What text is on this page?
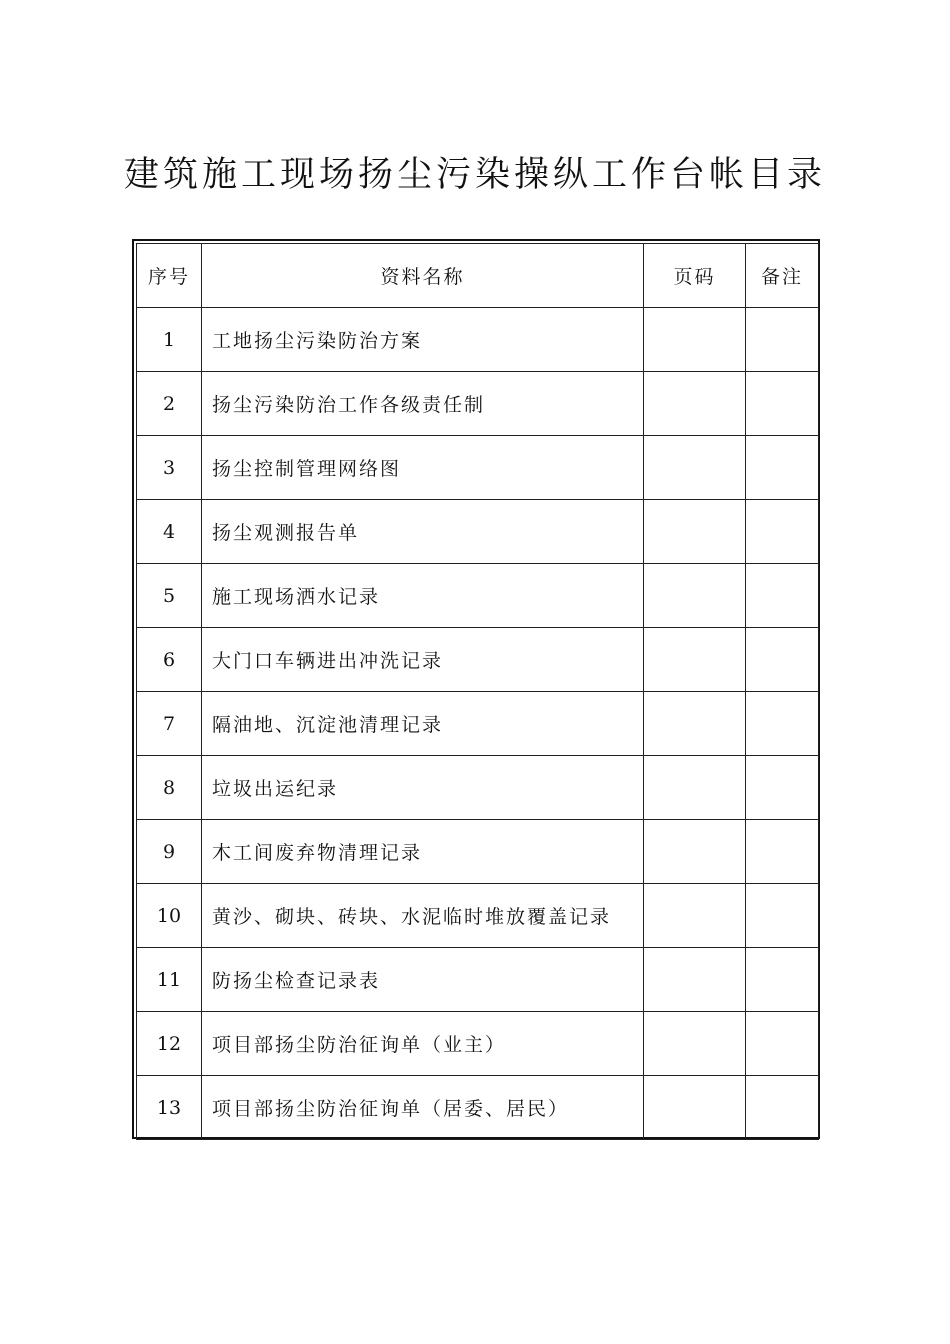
建筑施工现场扬尘污染操纵工作台帐目录
序号	资料名称	页码	备注
1	工地扬尘污染防治方案		
2	扬尘污染防治工作各级责任制		
3	扬尘控制管理网络图		
4	扬尘观测报告单		
5	施工现场洒水记录		
6	大门口车辆进出冲洗记录		
7	隔油地、沉淀池清理记录		
8	垃圾出运纪录		
9	木工间废弃物清理记录		
10	黄沙、砌块、砖块、水泥临时堆放覆盖记录		
11	防扬尘检查记录表		
12	项目部扬尘防治征询单（业主）		
13	项目部扬尘防治征询单（居委、居民）		
